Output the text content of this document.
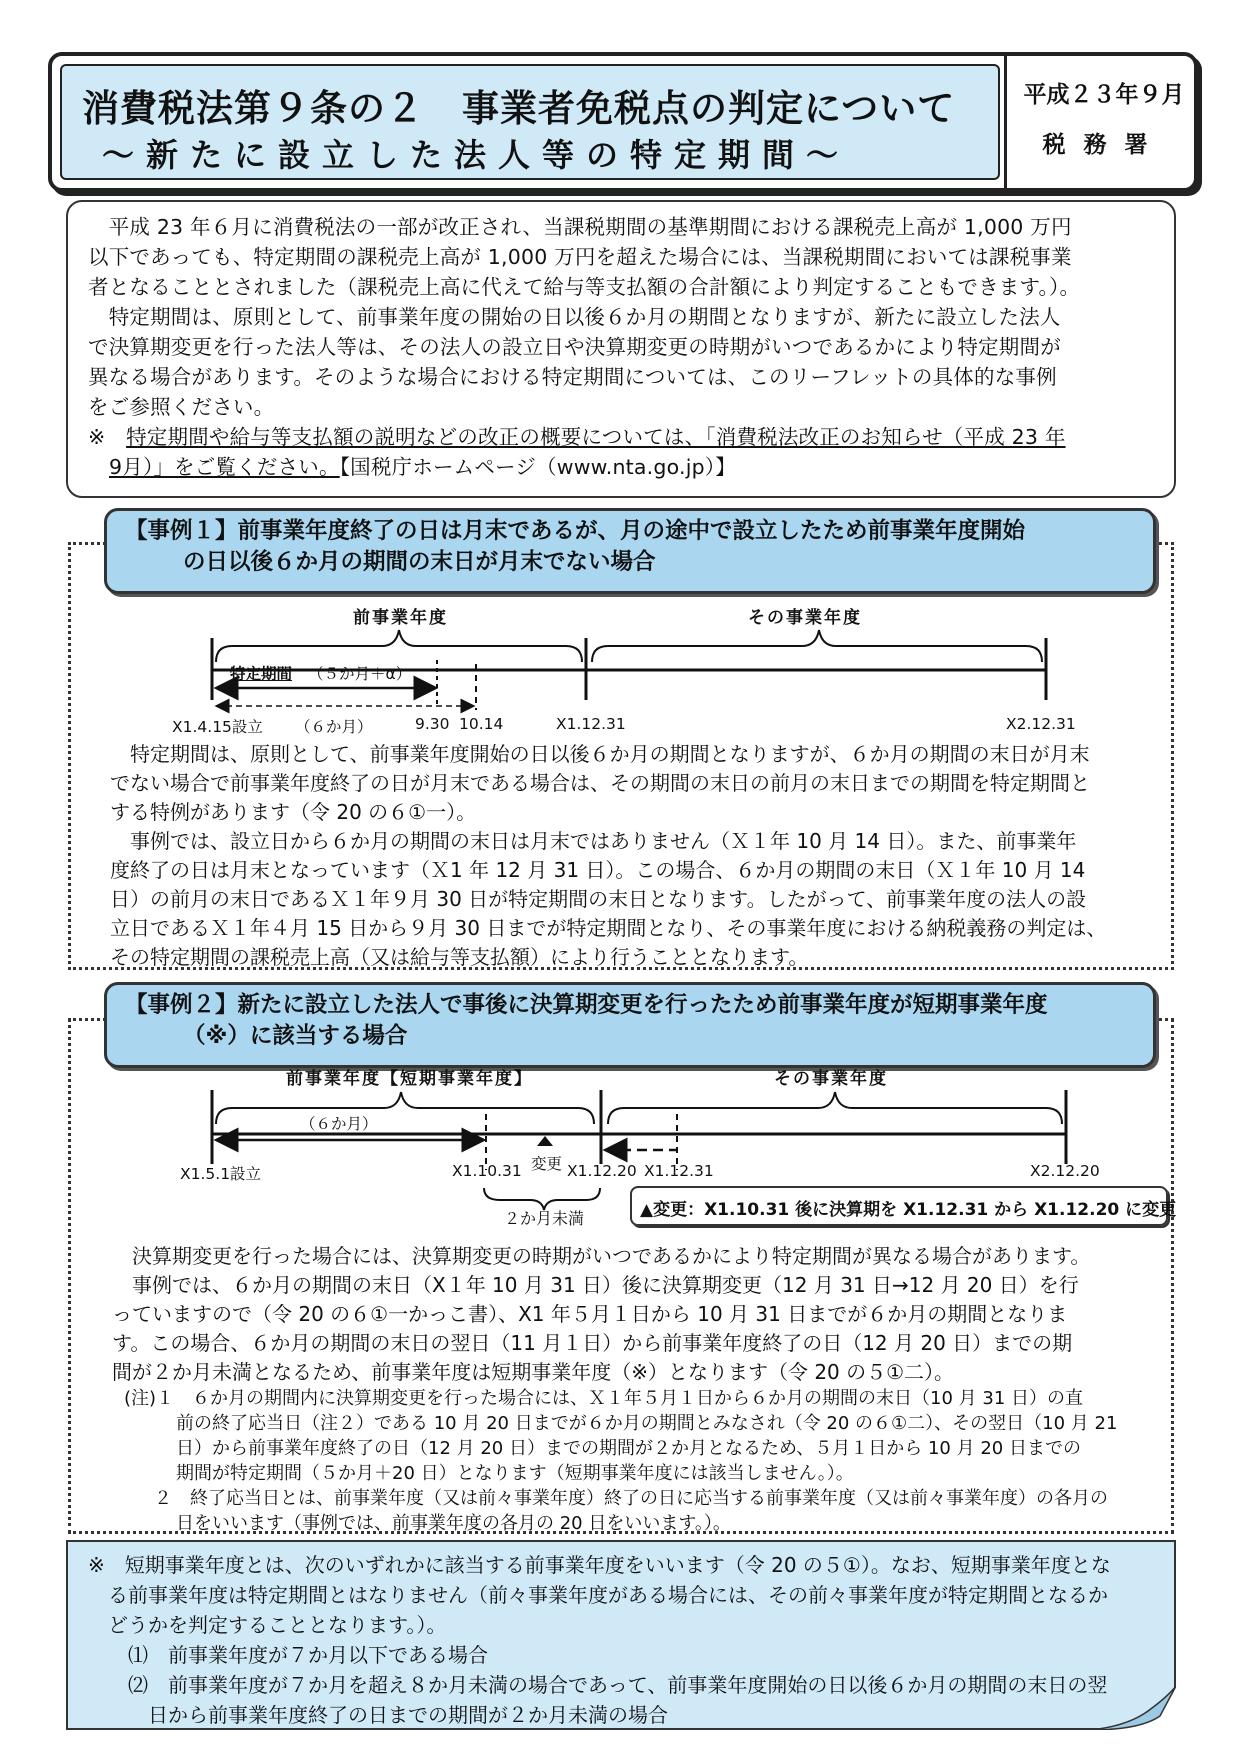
消費税法第９条の２　事業者免税点の判定について
～新たに設立した法人等の特定期間～
平成２３年９月
税務署

　平成 23 年６月に消費税法の一部が改正され、当課税期間の基準期間における課税売上高が 1,000 万円

以下であっても、特定期間の課税売上高が 1,000 万円を超えた場合には、当課税期間においては課税事業

者となることとされました（課税売上高に代えて給与等支払額の合計額により判定することもできます。）。

　特定期間は、原則として、前事業年度の開始の日以後６か月の期間となりますが、新たに設立した法人

で決算期変更を行った法人等は、その法人の設立日や決算期変更の時期がいつであるかにより特定期間が

異なる場合があります。そのような場合における特定期間については、このリーフレットの具体的な事例

をご参照ください。

※　特定期間や給与等支払額の説明などの改正の概要については、「消費税法改正のお知らせ（平成 23 年

9月）」をご覧ください。【国税庁ホームページ（www.nta.go.jp）】

【事例１】前事業年度終了の日は月末であるが、月の途中で設立したため前事業年度開始
の日以後６か月の期間の末日が月末でない場合
前事業年度	その事業年度
特定期間 （５か月＋α）
X1.4.15設立 （６か月）	9.30 10.14	X1.12.31	X2.12.31
　特定期間は、原則として、前事業年度開始の日以後６か月の期間となりますが、６か月の期間の末日が月末
でない場合で前事業年度終了の日が月末である場合は、その期間の末日の前月の末日までの期間を特定期間と
する特例があります（令 20 の６①一）。
　事例では、設立日から６か月の期間の末日は月末ではありません（Ｘ１年 10 月 14 日）。また、前事業年
度終了の日は月末となっています（Ｘ1 年 12 月 31 日）。この場合、６か月の期間の末日（Ｘ１年 10 月 14
日）の前月の末日であるＸ１年９月 30 日が特定期間の末日となります。したがって、前事業年度の法人の設
立日であるＸ１年４月 15 日から９月 30 日までが特定期間となり、その事業年度における納税義務の判定は、
その特定期間の課税売上高（又は給与等支払額）により行うこととなります。
【事例２】新たに設立した法人で事後に決算期変更を行ったため前事業年度が短期事業年度
（※）に該当する場合
前事業年度【短期事業年度】	その事業年度
（６か月）
変更
X1.5.1設立	X1.10.31	X1.12.20 X1.12.31	X2.12.20
２か月未満	▲変更：X1.10.31 後に決算期を X1.12.31 から X1.12.20 に変更
　決算期変更を行った場合には、決算期変更の時期がいつであるかにより特定期間が異なる場合があります。
　事例では、６か月の期間の末日（X１年 10 月 31 日）後に決算期変更（12 月 31 日→12 月 20 日）を行
っていますので（令 20 の６①一かっこ書）、X1 年５月１日から 10 月 31 日までが６か月の期間となりま
す。この場合、６か月の期間の末日の翌日（11 月１日）から前事業年度終了の日（12 月 20 日）までの期
間が２か月未満となるため、前事業年度は短期事業年度（※）となります（令 20 の５①二）。
(注)１　６か月の期間内に決算期変更を行った場合には、Ｘ１年５月１日から６か月の期間の末日（10 月 31 日）の直
前の終了応当日（注２）である 10 月 20 日までが６か月の期間とみなされ（令 20 の６①二）、その翌日（10 月 21
日）から前事業年度終了の日（12 月 20 日）までの期間が２か月となるため、５月１日から 10 月 20 日までの
期間が特定期間（５か月＋20 日）となります（短期事業年度には該当しません。）。
２　終了応当日とは、前事業年度（又は前々事業年度）終了の日に応当する前事業年度（又は前々事業年度）の各月の
日をいいます（事例では、前事業年度の各月の 20 日をいいます。）。

※　短期事業年度とは、次のいずれかに該当する前事業年度をいいます（令 20 の５①）。なお、短期事業年度とな

る前事業年度は特定期間とはなりません（前々事業年度がある場合には、その前々事業年度が特定期間となるか

どうかを判定することとなります。）。

　⑴　前事業年度が７か月以下である場合

　⑵　前事業年度が７か月を超え８か月未満の場合であって、前事業年度開始の日以後６か月の期間の末日の翌

　　日から前事業年度終了の日までの期間が２か月未満の場合
